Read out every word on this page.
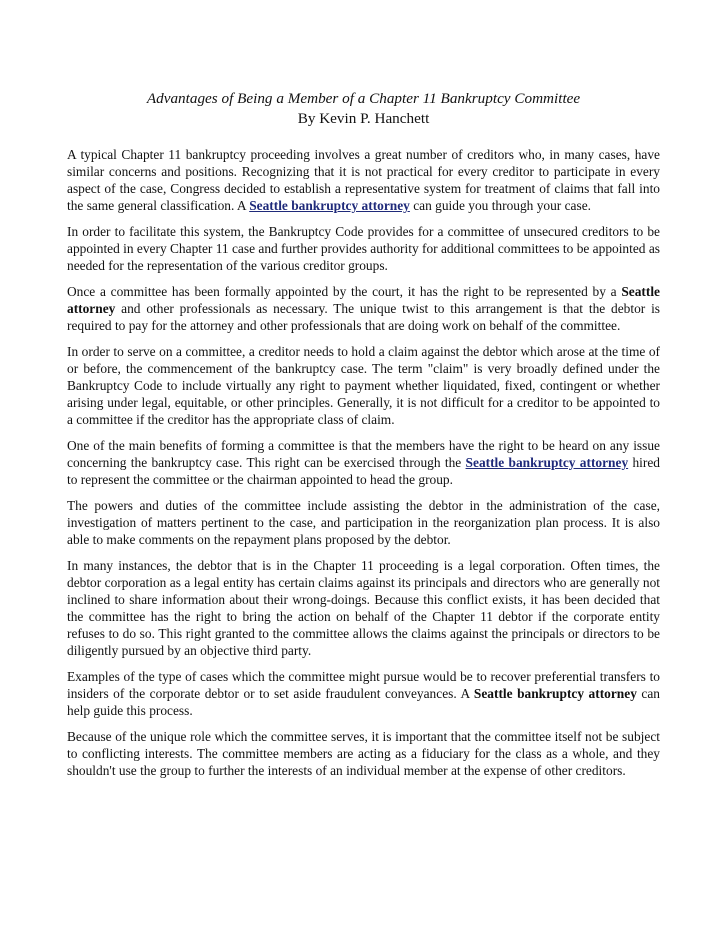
Advantages of Being a Member of a Chapter 11 Bankruptcy Committee
By Kevin P. Hanchett

A typical Chapter 11 bankruptcy proceeding involves a great number of creditors who, in many cases, have similar concerns and positions. Recognizing that it is not practical for every creditor to participate in every aspect of the case, Congress decided to establish a representative system for treatment of claims that fall into the same general classification. A Seattle bankruptcy attorney can guide you through your case.

In order to facilitate this system, the Bankruptcy Code provides for a committee of unsecured creditors to be appointed in every Chapter 11 case and further provides authority for additional committees to be appointed as needed for the representation of the various creditor groups.

Once a committee has been formally appointed by the court, it has the right to be represented by a Seattle attorney and other professionals as necessary. The unique twist to this arrangement is that the debtor is required to pay for the attorney and other professionals that are doing work on behalf of the committee.

In order to serve on a committee, a creditor needs to hold a claim against the debtor which arose at the time of or before, the commencement of the bankruptcy case. The term "claim" is very broadly defined under the Bankruptcy Code to include virtually any right to payment whether liquidated, fixed, contingent or whether arising under legal, equitable, or other principles. Generally, it is not difficult for a creditor to be appointed to a committee if the creditor has the appropriate class of claim.

One of the main benefits of forming a committee is that the members have the right to be heard on any issue concerning the bankruptcy case. This right can be exercised through the Seattle bankruptcy attorney hired to represent the committee or the chairman appointed to head the group.

The powers and duties of the committee include assisting the debtor in the administration of the case, investigation of matters pertinent to the case, and participation in the reorganization plan process. It is also able to make comments on the repayment plans proposed by the debtor.

In many instances, the debtor that is in the Chapter 11 proceeding is a legal corporation. Often times, the debtor corporation as a legal entity has certain claims against its principals and directors who are generally not inclined to share information about their wrong-doings. Because this conflict exists, it has been decided that the committee has the right to bring the action on behalf of the Chapter 11 debtor if the corporate entity refuses to do so. This right granted to the committee allows the claims against the principals or directors to be diligently pursued by an objective third party.

Examples of the type of cases which the committee might pursue would be to recover preferential transfers to insiders of the corporate debtor or to set aside fraudulent conveyances. A Seattle bankruptcy attorney can help guide this process.

Because of the unique role which the committee serves, it is important that the committee itself not be subject to conflicting interests. The committee members are acting as a fiduciary for the class as a whole, and they shouldn't use the group to further the interests of an individual member at the expense of other creditors.
